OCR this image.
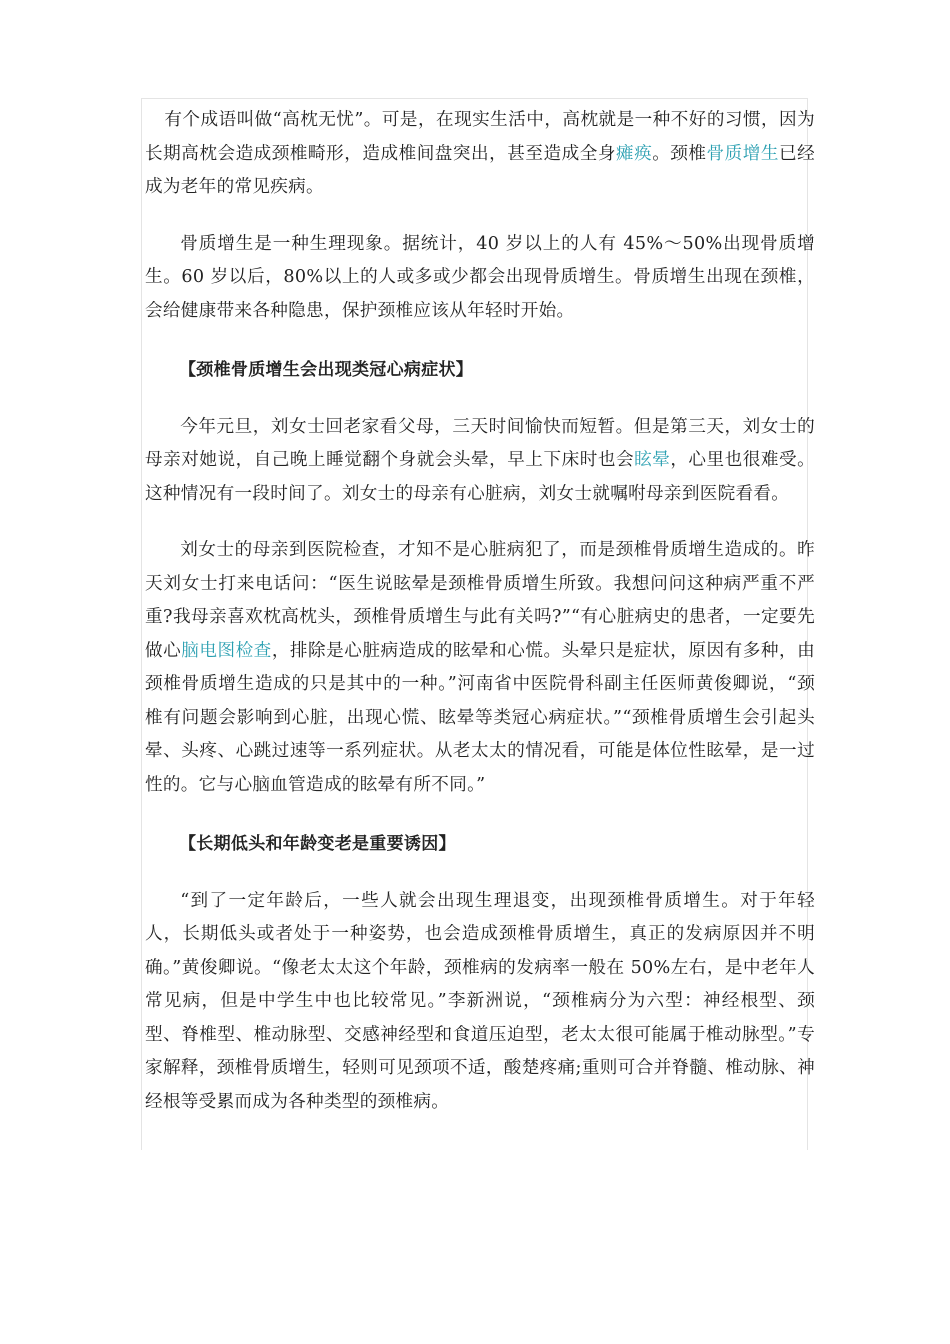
有个成语叫做“高枕无忧”。可是，在现实生活中，高枕就是一种不好的习惯，因为长期高枕会造成颈椎畸形，造成椎间盘突出，甚至造成全身瘫痪。颈椎骨质增生已经成为老年的常见疾病。

骨质增生是一种生理现象。据统计，40 岁以上的人有 45%～50%出现骨质增生。60 岁以后，80%以上的人或多或少都会出现骨质增生。骨质增生出现在颈椎，会给健康带来各种隐患，保护颈椎应该从年轻时开始。

【颈椎骨质增生会出现类冠心病症状】

今年元旦，刘女士回老家看父母，三天时间愉快而短暂。但是第三天，刘女士的母亲对她说，自己晚上睡觉翻个身就会头晕，早上下床时也会眩晕，心里也很难受。这种情况有一段时间了。刘女士的母亲有心脏病，刘女士就嘱咐母亲到医院看看。

刘女士的母亲到医院检查，才知不是心脏病犯了，而是颈椎骨质增生造成的。昨天刘女士打来电话问：“医生说眩晕是颈椎骨质增生所致。我想问问这种病严重不严重?我母亲喜欢枕高枕头，颈椎骨质增生与此有关吗?”“有心脏病史的患者，一定要先做心脑电图检查，排除是心脏病造成的眩晕和心慌。头晕只是症状，原因有多种，由颈椎骨质增生造成的只是其中的一种。”河南省中医院骨科副主任医师黄俊卿说，“颈椎有问题会影响到心脏，出现心慌、眩晕等类冠心病症状。”“颈椎骨质增生会引起头晕、头疼、心跳过速等一系列症状。从老太太的情况看，可能是体位性眩晕，是一过性的。它与心脑血管造成的眩晕有所不同。”

【长期低头和年龄变老是重要诱因】

“到了一定年龄后，一些人就会出现生理退变，出现颈椎骨质增生。对于年轻人，长期低头或者处于一种姿势，也会造成颈椎骨质增生，真正的发病原因并不明确。”黄俊卿说。“像老太太这个年龄，颈椎病的发病率一般在 50%左右，是中老年人常见病，但是中学生中也比较常见。”李新洲说，“颈椎病分为六型：神经根型、颈型、脊椎型、椎动脉型、交感神经型和食道压迫型，老太太很可能属于椎动脉型。”专家解释，颈椎骨质增生，轻则可见颈项不适，酸楚疼痛;重则可合并脊髓、椎动脉、神经根等受累而成为各种类型的颈椎病。
